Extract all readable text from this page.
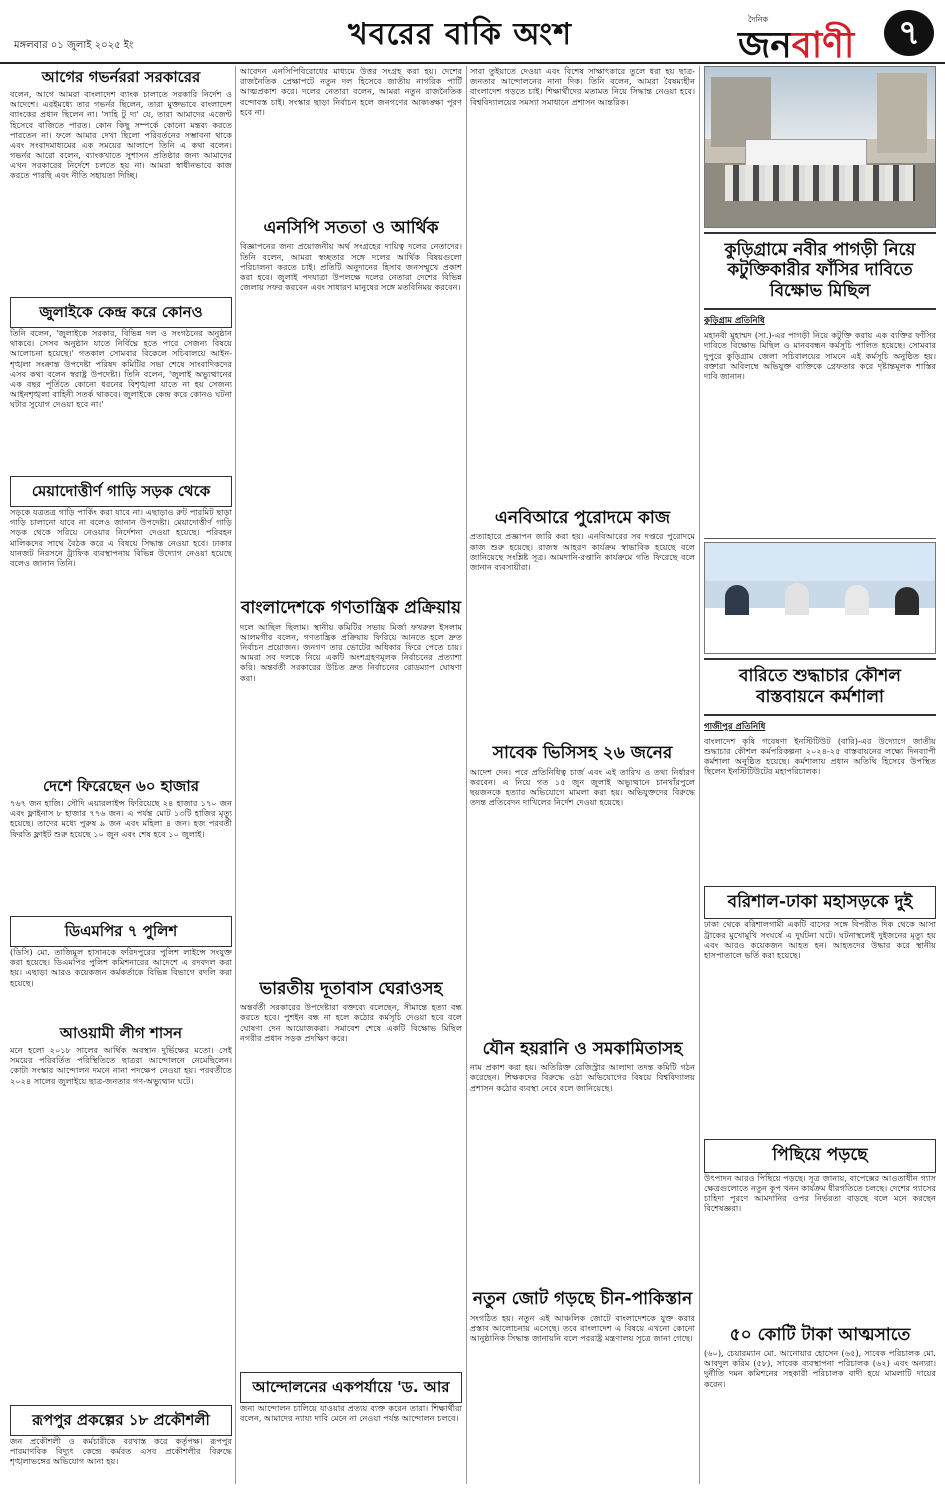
মঙ্গলবার ০১ জুলাই ২০২৫ ইং	খবরের বাকি অংশ	দৈনিক
জনবাণী	৭
আগের গভর্নররা সরকারের

বলেন, আগে আমরা বাংলাদেশ ব্যাংক চালাতে সরকারি নির্দেশ ও আদেশে। এরইমধ্যে তার গভর্নর ছিলেন, তারা মুক্তভাবে বাংলাদেশ ব্যাংকের প্রধান ছিলেন না। 'সাহি টু দ্য' যে, তারা আমাদের এজেন্ট হিসেবে বাজিতে পারত। কোন কিছু সম্পর্কে কোনো মন্তব্য করতে পারতেন না। ফলে আমার দেখা ছিলো পরিবর্তনের সম্ভাবনা থাকে এবং সংবাদমাধ্যমের এক সময়ের আলাপে তিনি এ কথা বলেন। গভর্নর আরো বলেন, ব্যাংকখাতে সুশাসন প্রতিষ্ঠার জন্য আমাদের এখন সরকারের নির্দেশে চলতে হয় না। আমরা স্বাধীনভাবে কাজ করতে পারছি এবং নীতি সহায়তা দিচ্ছি।

জুলাইকে কেন্দ্র করে কোনও

তিনি বলেন, 'জুলাইকে সরকার, বিভিন্ন দল ও সংগঠনের অনুষ্ঠান থাকবে। সেসব অনুষ্ঠান যাতে নির্বিঘ্নে হতে পারে সেজন্য বিষয়ে আলোচনা হয়েছে।' গতকাল সোমবার বিকেলে সচিবালয়ে আইন-শৃঙ্খলা সংক্রান্ত উপদেষ্টা পরিষদ কমিটির সভা শেষে সাংবাদিকদের এসব কথা বলেন স্বরাষ্ট্র উপদেষ্টা। তিনি বলেন, 'জুলাই অভ্যুত্থানের এক বছর পূর্তিতে কোনো ধরনের বিশৃঙ্খলা যাতে না হয় সেজন্য আইনশৃঙ্খলা বাহিনী সতর্ক থাকবে। জুলাইকে কেন্দ্র করে কোনও ঘটনা ঘটার সুযোগ দেওয়া হবে না।'

মেয়াদোত্তীর্ণ গাড়ি সড়ক থেকে

সড়কে যত্রতত্র গাড়ি পার্কিং করা যাবে না। এছাড়াও রুট পারমিট ছাড়া গাড়ি চালানো যাবে না বলেও জানান উপদেষ্টা। মেয়াদোত্তীর্ণ গাড়ি সড়ক থেকে সরিয়ে নেওয়ার নির্দেশনা দেওয়া হয়েছে। পরিবহন মালিকদের সাথে বৈঠক করে এ বিষয়ে সিদ্ধান্ত নেওয়া হবে। ঢাকার যানজট নিরসনে ট্রাফিক ব্যবস্থাপনায় বিভিন্ন উদ্যোগ নেওয়া হয়েছে বলেও জানান তিনি।

দেশে ফিরেছেন ৬০ হাজার

৭৬৭ জন হাজি। সৌদি এয়ারলাইন্স ফিরিয়েছে ২৪ হাজার ১৭০ জন এবং ফ্লাইনাস ৮ হাজার ৭৭৬ জন। এ পর্যন্ত মোট ১৩টি হাজির মৃত্যু হয়েছে। তাদের মধ্যে পুরুষ ৯ জন এবং মহিলা ৪ জন। হজ পরবর্তী ফিরতি ফ্লাইট শুরু হয়েছে ১০ জুন এবং শেষ হবে ১০ জুলাই।

ডিএমপির ৭ পুলিশ

(ডিসি) মো. তাজিমুল হাসানকে ফরিদপুরের পুলিশ লাইন্সে সংযুক্ত করা হয়েছে। ডিএমপির পুলিশ কমিশনারের আদেশে এ রদবদল করা হয়। এছাড়া আরও কয়েকজন কর্মকর্তাকে বিভিন্ন বিভাগে বদলি করা হয়েছে।

আওয়ামী লীগ শাসন

মনে হলো ২০১৮ সালের আর্থিক অবস্থান দুর্ভিক্ষের মতো। সেই সময়ের পরিবর্তিত পরিস্থিতিতে ছাত্ররা আন্দোলনে নেমেছিলেন। কোটা সংস্কার আন্দোলন দমনে নানা পদক্ষেপ নেওয়া হয়। পরবর্তীতে ২০২৪ সালের জুলাইয়ে ছাত্র-জনতার গণ-অভ্যুত্থান ঘটে।

রূপপুর প্রকল্পের ১৮ প্রকৌশলী

জন প্রকৌশলী ও কর্মচারীকে বরখাস্ত করে কর্তৃপক্ষ। রূপপুর পারমাণবিক বিদ্যুৎ কেন্দ্রে কর্মরত এসব প্রকৌশলীর বিরুদ্ধে শৃঙ্খলাভঙ্গের অভিযোগ আনা হয়।

আবেদন এনসিপিবিরোধের মাধ্যমে উত্তর সংগ্রহ করা হয়। দেশের রাজনৈতিক প্রেক্ষাপটে নতুন দল হিসেবে জাতীয় নাগরিক পার্টি আত্মপ্রকাশ করে। দলের নেতারা বলেন, আমরা নতুন রাজনৈতিক বন্দোবস্ত চাই। সংস্কার ছাড়া নির্বাচন হলে জনগণের আকাঙ্ক্ষা পূরণ হবে না।

এনসিপি সততা ও আর্থিক

বিজ্ঞাপনের জন্য প্রয়োজনীয় অর্থ সংগ্রহের দায়িত্ব দলের নেতাদের। তিনি বলেন, আমরা স্বচ্ছতার সঙ্গে দলের আর্থিক বিষয়গুলো পরিচালনা করতে চাই। প্রতিটি অনুদানের হিসাব জনসম্মুখে প্রকাশ করা হবে। জুলাই পদযাত্রা উপলক্ষে দলের নেতারা দেশের বিভিন্ন জেলায় সফর করবেন এবং সাধারণ মানুষের সঙ্গে মতবিনিময় করবেন।

বাংলাদেশকে গণতান্ত্রিক প্রক্রিয়ায়

দলে আছিল ছিলাম। স্থানীয় কমিটির সভায় মির্জা ফখরুল ইসলাম আলমগীর বলেন, গণতান্ত্রিক প্রক্রিয়ায় ফিরিয়ে আনতে হলে দ্রুত নির্বাচন প্রয়োজন। জনগণ তার ভোটের অধিকার ফিরে পেতে চায়। আমরা সব দলকে নিয়ে একটি অংশগ্রহণমূলক নির্বাচনের প্রত্যাশা করি। অন্তর্বর্তী সরকারের উচিত দ্রুত নির্বাচনের রোডম্যাপ ঘোষণা করা।

ভারতীয় দূতাবাস ঘেরাওসহ

অন্তর্বর্তী সরকারের উপদেষ্টারা বক্তব্যে বলেছেন, সীমান্তে হত্যা বন্ধ করতে হবে। পুশইন বন্ধ না হলে কঠোর কর্মসূচি দেওয়া হবে বলে ঘোষণা দেন আয়োজকরা। সমাবেশ শেষে একটি বিক্ষোভ মিছিল নগরীর প্রধান সড়ক প্রদক্ষিণ করে।

আন্দোলনের একপর্যায়ে 'ড. আর

জন্য আন্দোলন চালিয়ে যাওয়ার প্রত্যয় ব্যক্ত করেন তারা। শিক্ষার্থীরা বলেন, আমাদের ন্যায্য দাবি মেনে না নেওয়া পর্যন্ত আন্দোলন চলবে।

সারা তুইয়াতে দেওয়া এবং বিশেষ সাক্ষাৎকারে তুলে ধরা হয় ছাত্র-জনতার আন্দোলনের নানা দিক। তিনি বলেন, আমরা বৈষম্যহীন বাংলাদেশ গড়তে চাই। শিক্ষার্থীদের মতামত নিয়ে সিদ্ধান্ত নেওয়া হবে। বিশ্ববিদ্যালয়ের সমস্যা সমাধানে প্রশাসন আন্তরিক।

এনবিআরে পুরোদমে কাজ

প্রত্যাহারে প্রজ্ঞাপন জারি করা হয়। এনবিআরের সব দপ্তরে পুরোদমে কাজ শুরু হয়েছে। রাজস্ব আহরণ কার্যক্রম স্বাভাবিক হয়েছে বলে জানিয়েছে সংশ্লিষ্ট সূত্র। আমদানি-রপ্তানি কার্যক্রমে গতি ফিরেছে বলে জানান ব্যবসায়ীরা।

সাবেক ভিসিসহ ২৬ জনের

আদেশ দেন। পরে প্রতিনিধিত্ব চার্জ এবং এই তারিখ ও তথ্য নির্ধারণ করবেন। এ নিয়ে গত ১৫ জুন জুলাই অভ্যুত্থানে চানখাঁরপুলে ছয়জনকে হত্যার অভিযোগে মামলা করা হয়। অভিযুক্তদের বিরুদ্ধে তদন্ত প্রতিবেদন দাখিলের নির্দেশ দেওয়া হয়েছে।

যৌন হয়রানি ও সমকামিতাসহ

নাম প্রকাশ করা হয়। অতিরিক্ত রেজিস্ট্রার আলাদা তদন্ত কমিটি গঠন করেছেন। শিক্ষকদের বিরুদ্ধে ওঠা অভিযোগের বিষয়ে বিশ্ববিদ্যালয় প্রশাসন কঠোর ব্যবস্থা নেবে বলে জানিয়েছে।

নতুন জোট গড়ছে চীন-পাকিস্তান

সংগঠিত হয়। নতুন এই আঞ্চলিক জোটে বাংলাদেশকে যুক্ত করার প্রস্তাব আলোচনায় এসেছে। তবে বাংলাদেশ এ বিষয়ে এখনো কোনো আনুষ্ঠানিক সিদ্ধান্ত জানায়নি বলে পররাষ্ট্র মন্ত্রণালয় সূত্রে জানা গেছে।

কুড়িগ্রামে নবীর পাগড়ী নিয়ে কটুক্তিকারীর ফাঁসির দাবিতে বিক্ষোভ মিছিল
কুড়িগ্রাম প্রতিনিধি

মহানবী মুহাম্মদ (সা.)-এর পাগড়ী নিয়ে কটুক্তি করায় এক ব্যক্তির ফাঁসির দাবিতে বিক্ষোভ মিছিল ও মানববন্ধন কর্মসূচি পালিত হয়েছে। সোমবার দুপুরে কুড়িগ্রাম জেলা সচিবালয়ের সামনে এই কর্মসূচি অনুষ্ঠিত হয়। বক্তারা অবিলম্বে অভিযুক্ত ব্যক্তিকে গ্রেফতার করে দৃষ্টান্তমূলক শাস্তির দাবি জানান।

বারিতে শুদ্ধাচার কৌশল বাস্তবায়নে কর্মশালা
গাজীপুর প্রতিনিধি

বাংলাদেশ কৃষি গবেষণা ইনস্টিটিউট (বারি)-এর উদ্যোগে জাতীয় শুদ্ধাচার কৌশল কর্মপরিকল্পনা ২০২৪-২৫ বাস্তবায়নের লক্ষ্যে দিনব্যাপী কর্মশালা অনুষ্ঠিত হয়েছে। কর্মশালায় প্রধান অতিথি হিসেবে উপস্থিত ছিলেন ইনস্টিটিউটের মহাপরিচালক।

বরিশাল-ঢাকা মহাসড়কে দুই

ঢাকা থেকে বরিশালগামী একটি বাসের সঙ্গে বিপরীত দিক থেকে আসা ট্রাকের মুখোমুখি সংঘর্ষে এ দুর্ঘটনা ঘটে। ঘটনাস্থলেই দুইজনের মৃত্যু হয় এবং আরও কয়েকজন আহত হন। আহতদের উদ্ধার করে স্থানীয় হাসপাতালে ভর্তি করা হয়েছে।

পিছিয়ে পড়ছে

উৎপাদন আরও পিছিয়ে পড়ছে। সূত্র জানায়, বাপেক্সের আওতাধীন গ্যাস ক্ষেত্রগুলোতে নতুন কূপ খনন কার্যক্রম ধীরগতিতে চলছে। দেশের গ্যাসের চাহিদা পূরণে আমদানির ওপর নির্ভরতা বাড়ছে বলে মনে করছেন বিশেষজ্ঞরা।

৫০ কোটি টাকা আত্মসাতে

(৬০), চেয়ারম্যান মো. আনোয়ার হোসেন (৬৫), সাবেক পরিচালক মো. আবদুল করিম (৫৮), সাবেক ব্যবস্থাপনা পরিচালক (৬২) এবং অন্যরা। দুর্নীতি দমন কমিশনের সহকারী পরিচালক বাদী হয়ে মামলাটি দায়ের করেন।
